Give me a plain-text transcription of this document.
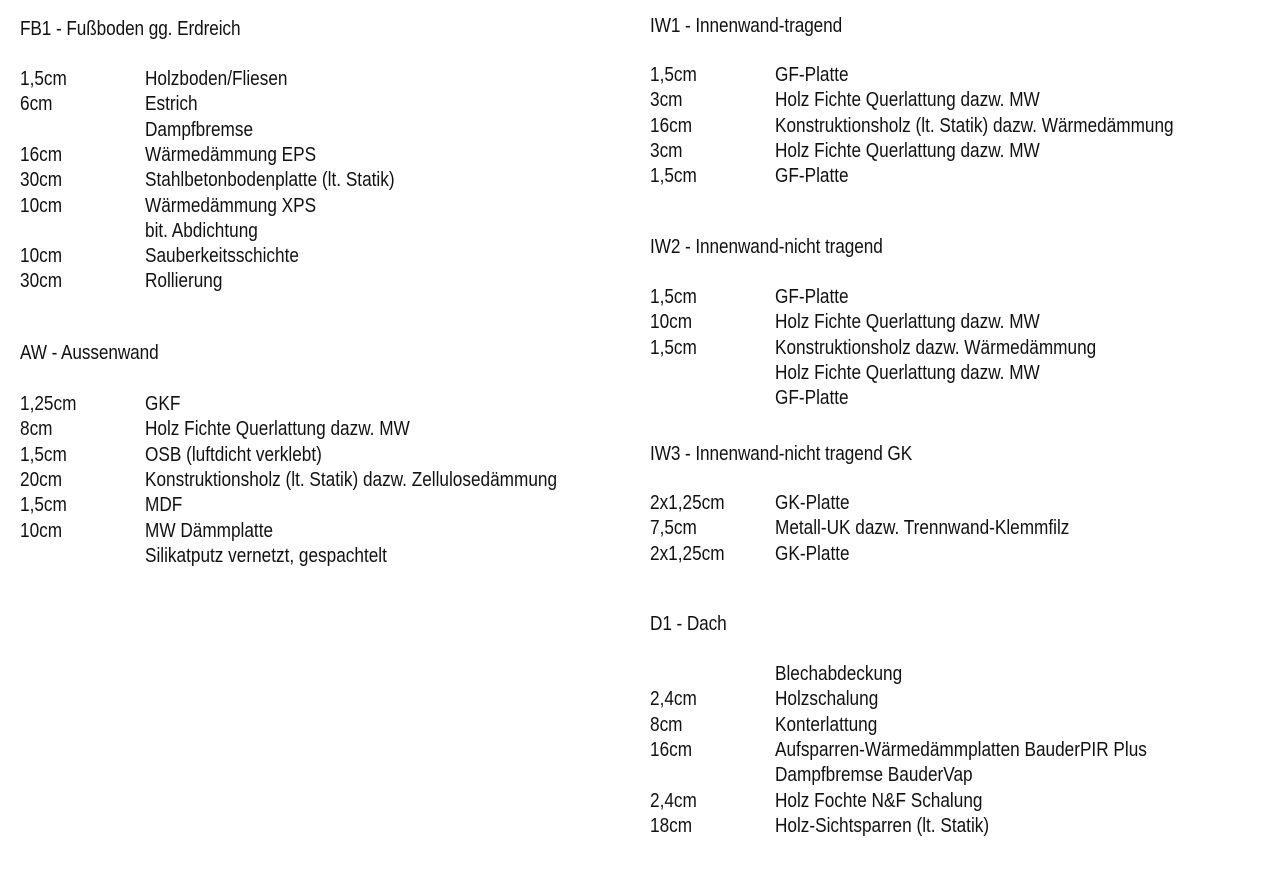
FB1 - Fußboden gg. Erdreich
1,5cm	Holzboden/Fliesen
6cm	Estrich
Dampfbremse
16cm	Wärmedämmung EPS
30cm	Stahlbetonbodenplatte (lt. Statik)
10cm	Wärmedämmung XPS
bit. Abdichtung
10cm	Sauberkeitsschichte
30cm	Rollierung
AW - Aussenwand
1,25cm	GKF
8cm	Holz Fichte Querlattung dazw. MW
1,5cm	OSB (luftdicht verklebt)
20cm	Konstruktionsholz (lt. Statik) dazw. Zellulosedämmung
1,5cm	MDF
10cm	MW Dämmplatte
Silikatputz vernetzt, gespachtelt
IW1 - Innenwand-tragend
1,5cm	GF-Platte
3cm	Holz Fichte Querlattung dazw. MW
16cm	Konstruktionsholz (lt. Statik) dazw. Wärmedämmung
3cm	Holz Fichte Querlattung dazw. MW
1,5cm	GF-Platte
IW2 - Innenwand-nicht tragend
1,5cm	GF-Platte
10cm	Holz Fichte Querlattung dazw. MW
1,5cm	Konstruktionsholz dazw. Wärmedämmung
Holz Fichte Querlattung dazw. MW
GF-Platte
IW3 - Innenwand-nicht tragend GK
2x1,25cm	GK-Platte
7,5cm	Metall-UK dazw. Trennwand-Klemmfilz
2x1,25cm	GK-Platte
D1 - Dach
Blechabdeckung
2,4cm	Holzschalung
8cm	Konterlattung
16cm	Aufsparren-Wärmedämmplatten BauderPIR Plus
Dampfbremse BauderVap
2,4cm	Holz Fochte N&F Schalung
18cm	Holz-Sichtsparren (lt. Statik)
